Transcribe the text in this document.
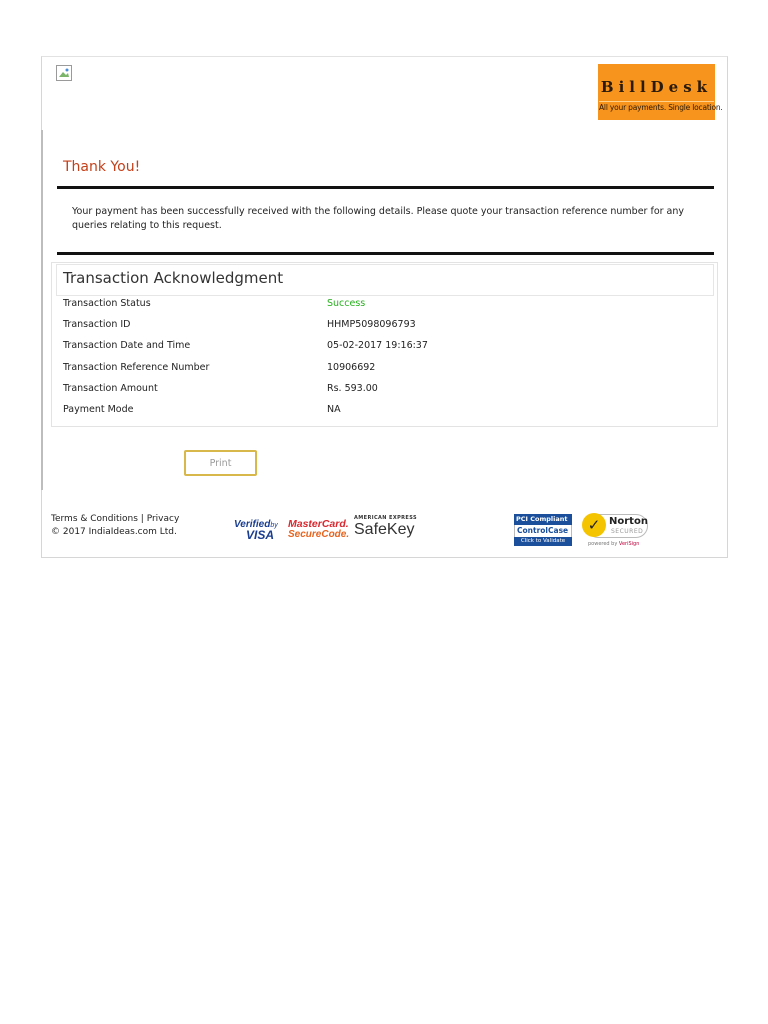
BillDesk
All your payments. Single location.
Thank You!
Your payment has been successfully received with the following details. Please quote your transaction reference number for any queries relating to this request.
Transaction Acknowledgment
Transaction Status	Success
Transaction ID	HHMP5098096793
Transaction Date and Time	05-02-2017 19:16:37
Transaction Reference Number	10906692
Transaction Amount	Rs. 593.00
Payment Mode	NA
Print
Terms & Conditions | Privacy
© 2017 IndiaIdeas.com Ltd.
Verifiedby
VISA
MasterCard.
SecureCode.
AMERICAN EXPRESS
SafeKey
PCI Compliant
ControlCase
Click to Validate
✓ Norton
SECURED
powered by VeriSign
